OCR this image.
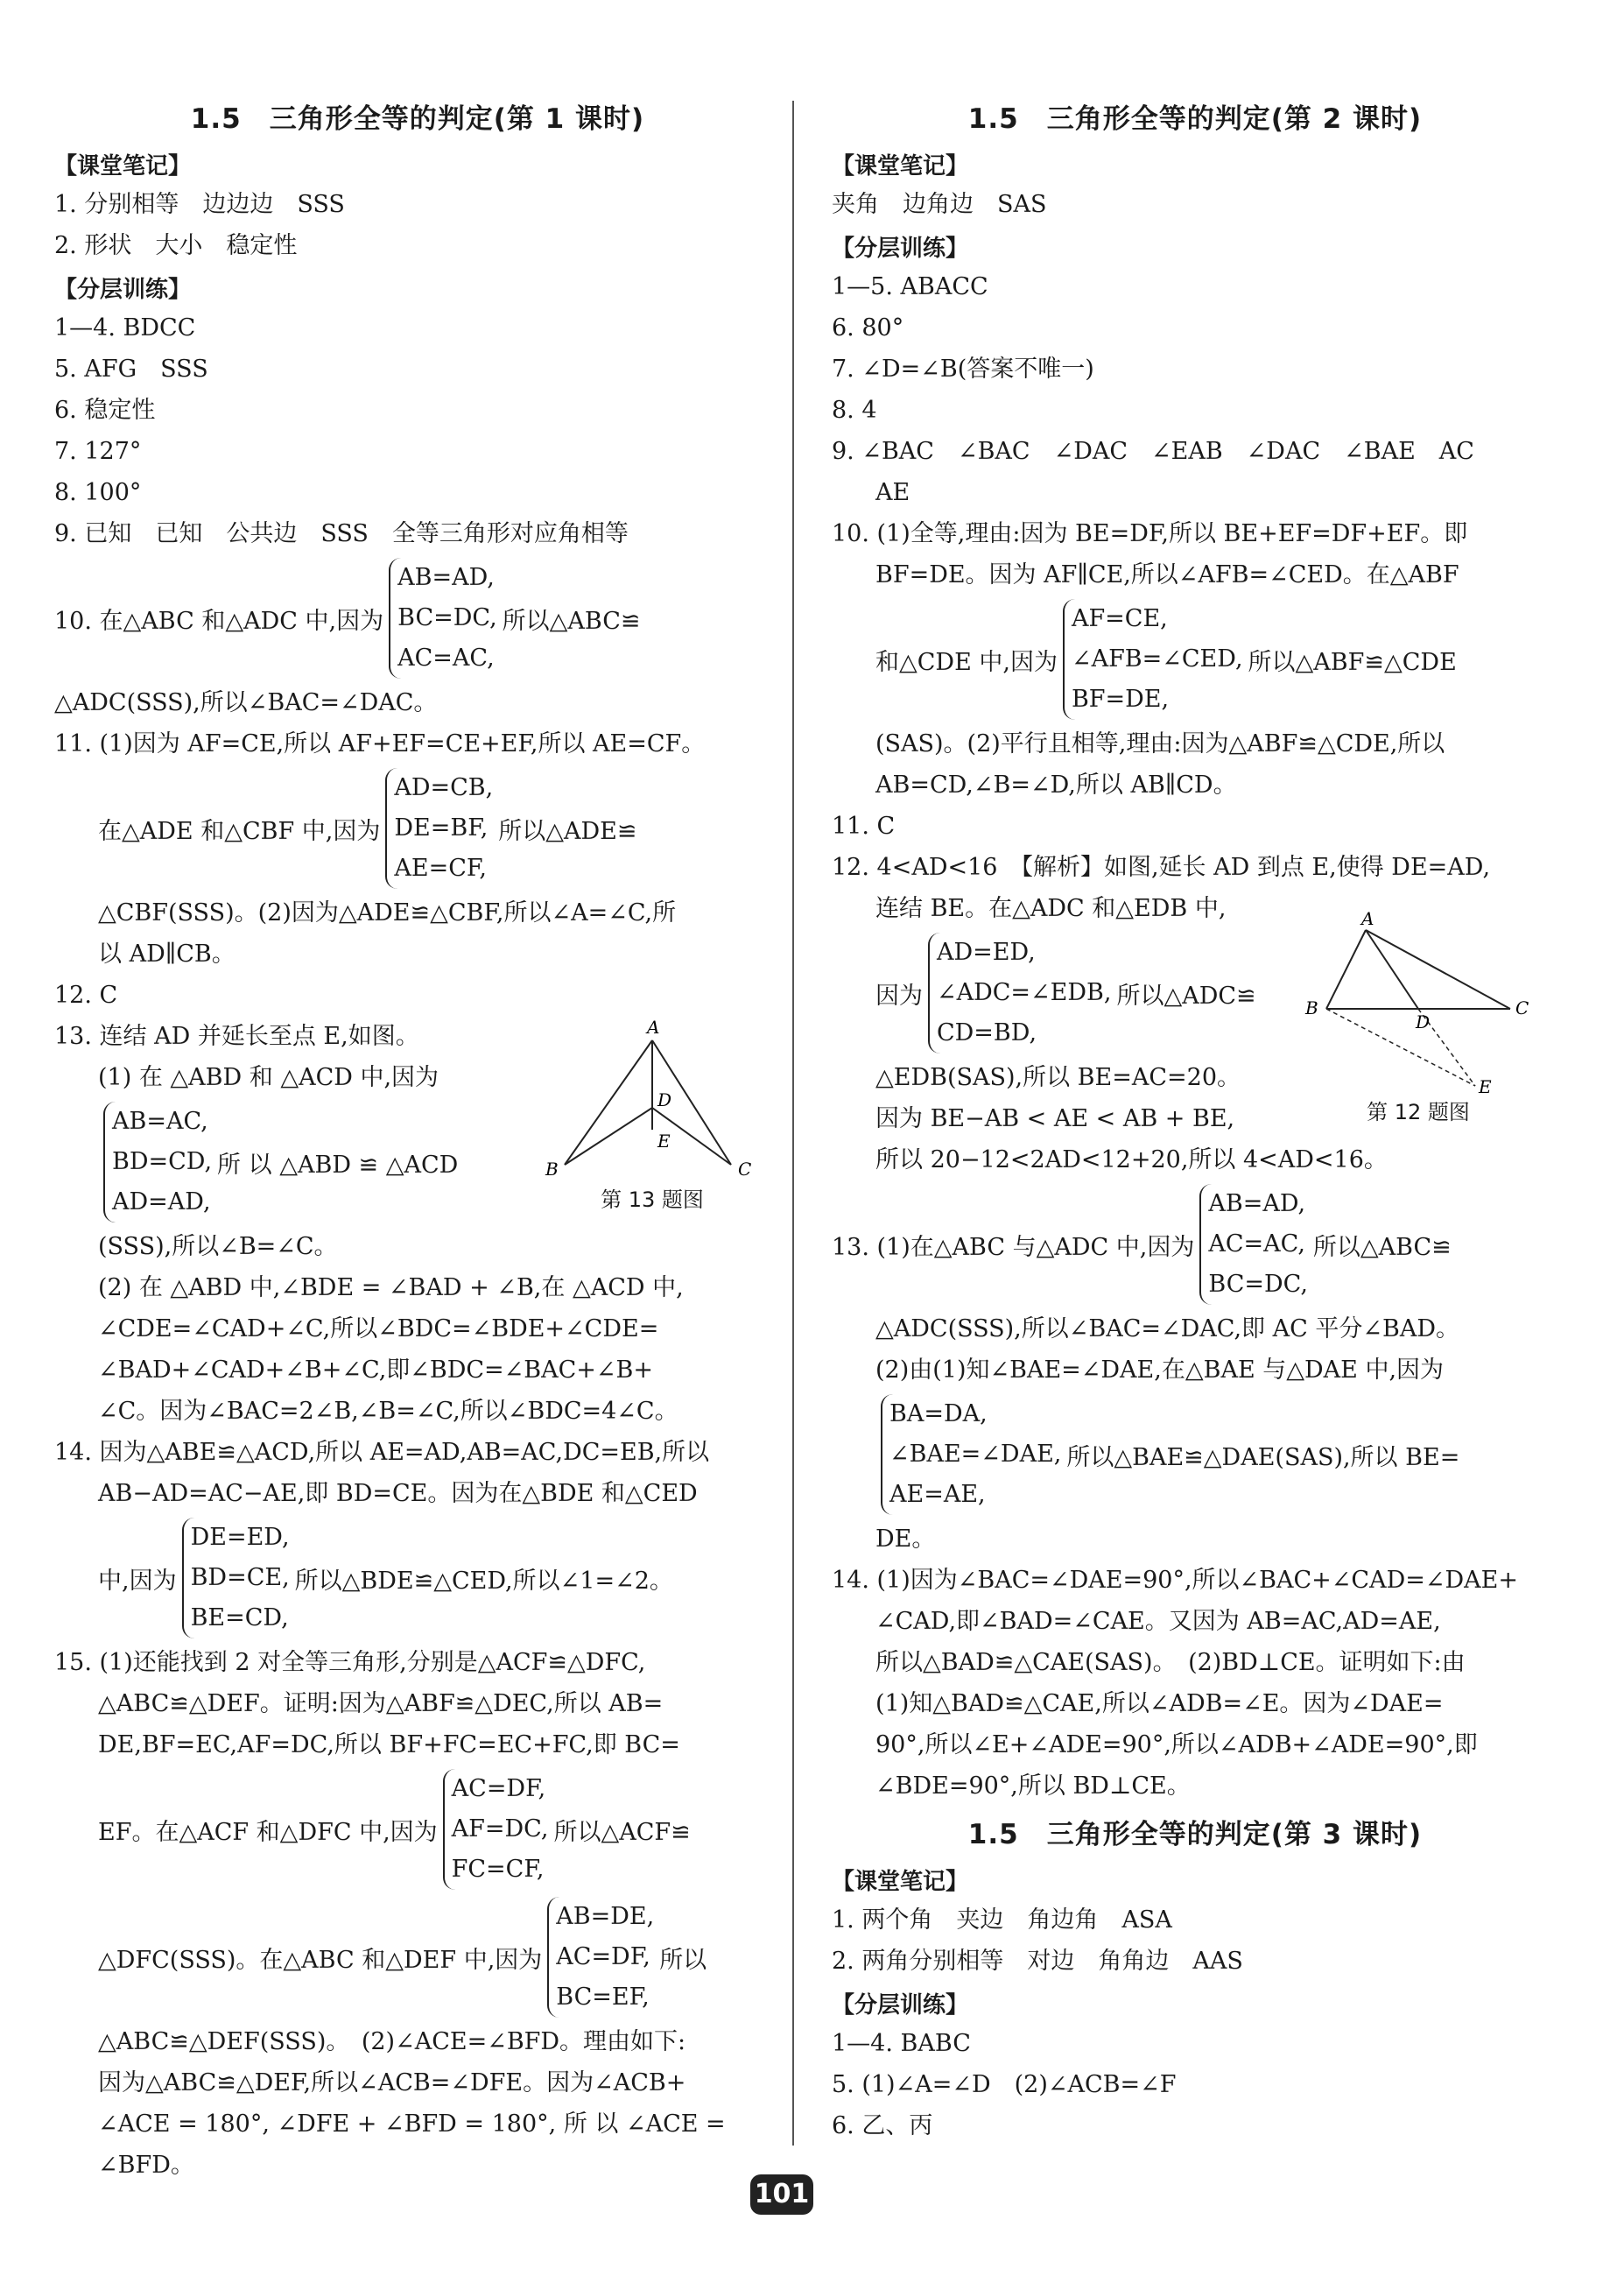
1.5　三角形全等的判定(第 1 课时)
【课堂笔记】
1. 分别相等　边边边　SSS
2. 形状　大小　稳定性
【分层训练】
1—4. BDCC
5. AFG　SSS
6. 稳定性
7. 127°
8. 100°
9. 已知　已知　公共边　SSS　全等三角形对应角相等
10. 在△ABC 和△ADC 中,因为
AB=AD,
BC=DC,
AC=AC,
所以△ABC≌
△ADC(SSS),所以∠BAC=∠DAC。
11. (1)因为 AF=CE,所以 AF+EF=CE+EF,所以 AE=CF。
在△ADE 和△CBF 中,因为
AD=CB,
DE=BF,
AE=CF,
所以△ADE≌
△CBF(SSS)。(2)因为△ADE≌△CBF,所以∠A=∠C,所
以 AD∥CB。
12. C
13. 连结 AD 并延长至点 E,如图。
(1) 在 △ABD 和 △ACD 中,因为
AB=AC,
BD=CD,
AD=AD,
所 以 △ABD ≌ △ACD
(SSS),所以∠B=∠C。
(2) 在 △ABD 中,∠BDE = ∠BAD + ∠B,在 △ACD 中,
∠CDE=∠CAD+∠C,所以∠BDC=∠BDE+∠CDE=
∠BAD+∠CAD+∠B+∠C,即∠BDC=∠BAC+∠B+
∠C。因为∠BAC=2∠B,∠B=∠C,所以∠BDC=4∠C。
14. 因为△ABE≌△ACD,所以 AE=AD,AB=AC,DC=EB,所以
AB−AD=AC−AE,即 BD=CE。因为在△BDE 和△CED
中,因为
DE=ED,
BD=CE,
BE=CD,
所以△BDE≌△CED,所以∠1=∠2。
15. (1)还能找到 2 对全等三角形,分别是△ACF≌△DFC,
△ABC≌△DEF。证明:因为△ABF≌△DEC,所以 AB=
DE,BF=EC,AF=DC,所以 BF+FC=EC+FC,即 BC=
EF。在△ACF 和△DFC 中,因为
AC=DF,
AF=DC,
FC=CF,
所以△ACF≌
△DFC(SSS)。在△ABC 和△DEF 中,因为
AB=DE,
AC=DF,
BC=EF,
所以
△ABC≌△DEF(SSS)。　(2)∠ACE=∠BFD。理由如下:
因为△ABC≌△DEF,所以∠ACB=∠DFE。因为∠ACB+
∠ACE = 180°, ∠DFE + ∠BFD = 180°, 所 以 ∠ACE =
∠BFD。
A
B	C
D
E
第 13 题图
1.5　三角形全等的判定(第 2 课时)
【课堂笔记】
夹角　边角边　SAS
【分层训练】
1—5. ABACC
6. 80°
7. ∠D=∠B(答案不唯一)
8. 4
9. ∠BAC　∠BAC　∠DAC　∠EAB　∠DAC　∠BAE　AC
AE
10. (1)全等,理由:因为 BE=DF,所以 BE+EF=DF+EF。即
BF=DE。因为 AF∥CE,所以∠AFB=∠CED。在△ABF
和△CDE 中,因为
AF=CE,
∠AFB=∠CED,
BF=DE,
所以△ABF≌△CDE
(SAS)。(2)平行且相等,理由:因为△ABF≌△CDE,所以
AB=CD,∠B=∠D,所以 AB∥CD。
11. C
12. 4<AD<16　【解析】如图,延长 AD 到点 E,使得 DE=AD,
连结 BE。在△ADC 和△EDB 中,
因为
AD=ED,
∠ADC=∠EDB,
CD=BD,
所以△ADC≌
△EDB(SAS),所以 BE=AC=20。
因为 BE−AB < AE < AB + BE,
所以 20−12<2AD<12+20,所以 4<AD<16。
13. (1)在△ABC 与△ADC 中,因为
AB=AD,
AC=AC,
BC=DC,
所以△ABC≌
△ADC(SSS),所以∠BAC=∠DAC,即 AC 平分∠BAD。
(2)由(1)知∠BAE=∠DAE,在△BAE 与△DAE 中,因为
BA=DA,
∠BAE=∠DAE,
AE=AE,
所以△BAE≌△DAE(SAS),所以 BE=
DE。
14. (1)因为∠BAC=∠DAE=90°,所以∠BAC+∠CAD=∠DAE+
∠CAD,即∠BAD=∠CAE。又因为 AB=AC,AD=AE,
所以△BAD≌△CAE(SAS)。　(2)BD⊥CE。证明如下:由
(1)知△BAD≌△CAE,所以∠ADB=∠E。因为∠DAE=
90°,所以∠E+∠ADE=90°,所以∠ADB+∠ADE=90°,即
∠BDE=90°,所以 BD⊥CE。
1.5　三角形全等的判定(第 3 课时)
【课堂笔记】
1. 两个角　夹边　角边角　ASA
2. 两角分别相等　对边　角角边　AAS
【分层训练】
1—4. BABC
5. (1)∠A=∠D　(2)∠ACB=∠F
6. 乙、丙
A
B	C
D
E
第 12 题图
101
